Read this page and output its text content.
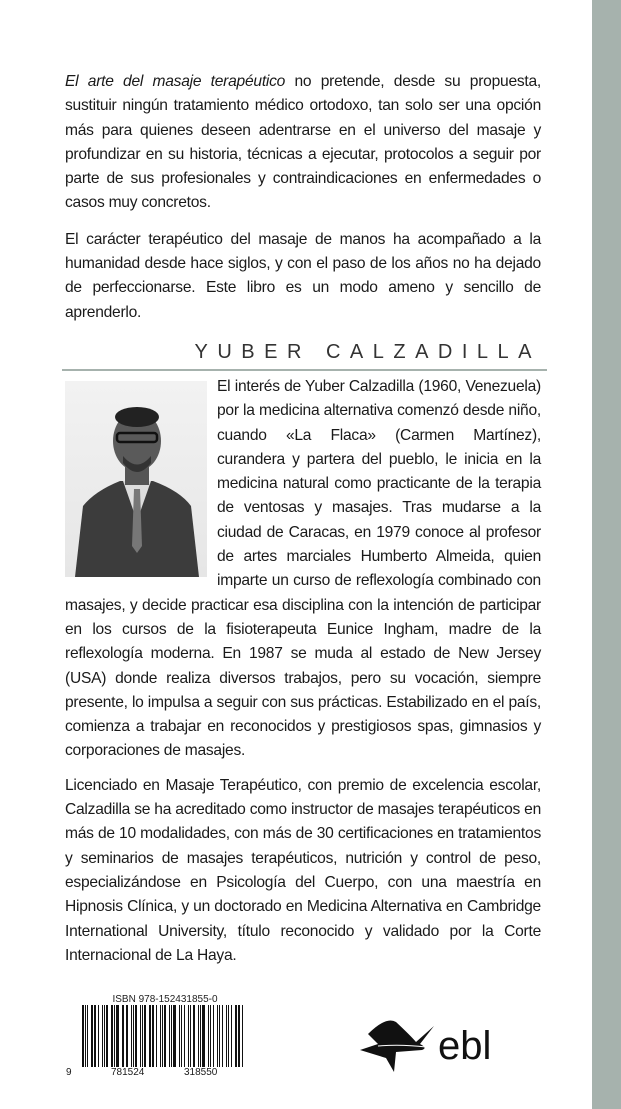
El arte del masaje terapéutico no pretende, desde su propuesta, sustituir ningún tratamiento médico ortodoxo, tan solo ser una opción más para quienes deseen adentrarse en el universo del masaje y profundizar en su historia, técnicas a ejecutar, protocolos a seguir por parte de sus profesionales y contraindicaciones en enfermedades o casos muy concretos.

El carácter terapéutico del masaje de manos ha acompañado a la humanidad desde hace siglos, y con el paso de los años no ha dejado de perfeccionarse. Este libro es un modo ameno y sencillo de aprenderlo.

YUBER CALZADILLA

El interés de Yuber Calzadilla (1960, Venezuela) por la medicina alternativa comenzó desde niño, cuando «La Flaca» (Carmen Martínez), curandera y partera del pueblo, le inicia en la medicina natural como practicante de la terapia de ventosas y masajes. Tras mudarse a la ciudad de Caracas, en 1979 conoce al profesor de artes marciales Humberto Almeida, quien imparte un curso de reflexología combinado con masajes, y decide practicar esa disciplina con la intención de participar en los cursos de la fisioterapeuta Eunice Ingham, madre de la reflexología moderna. En 1987 se muda al estado de New Jersey (USA) donde realiza diversos trabajos, pero su vocación, siempre presente, lo impulsa a seguir con sus prácticas. Estabilizado en el país, comienza a trabajar en reconocidos y prestigiosos spas, gimnasios y corporaciones de masajes.

Licenciado en Masaje Terapéutico, con premio de excelencia escolar, Calzadilla se ha acreditado como instructor de masajes terapéuticos en más de 10 modalidades, con más de 30 certificaciones en tratamientos y seminarios de masajes terapéuticos, nutrición y control de peso, especializándose en Psicología del Cuerpo, con una maestría en Hipnosis Clínica, y un doctorado en Medicina Alternativa en Cambridge International University, título reconocido y validado por la Corte Internacional de La Haya.

ISBN 978-152431855-0
9	781524	318550
ebl
